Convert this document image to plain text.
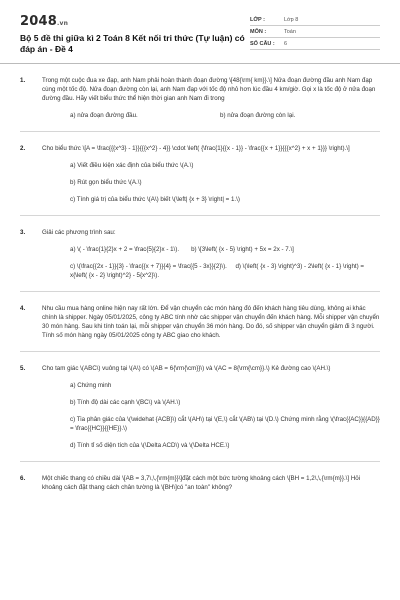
2048.vn
Bộ 5 đề thi giữa kì 2 Toán 8 Kết nối tri thức (Tự luận) có đáp án - Đề 4
LỚP :	Lớp 8
MÔN :	Toán
SỐ CÂU :	6
1.	Trong một cuộc đua xe đạp, anh Nam phải hoàn thành đoạn đường \[48{\rm{ km}}.\] Nửa đoạn đường đầu anh Nam đạp cùng một tốc độ. Nửa đoạn đường còn lại, anh Nam đạp với tốc độ nhỏ hơn lúc đầu 4 km/giờ. Gọi x là tốc độ ở nửa đoạn đường đầu. Hãy viết biểu thức thể hiện thời gian anh Nam đi trong
a) nửa đoạn đường đầu.	b) nửa đoạn đường còn lại.
2.	Cho biểu thức \[A = \frac{{{x^3} - 1}}{{{x^2} - 4}} \cdot \left( {\frac{1}{{x - 1}} - \frac{{x + 1}}{{{x^2} + x + 1}}} \right).\]
a) Viết điều kiện xác định của biểu thức \(A.\)
b) Rút gọn biểu thức \(A.\)
c) Tính giá trị của biểu thức \(A\) biết \(\left| {x + 3} \right| = 1.\)
3.	Giải các phương trình sau:
a) \( - \frac{1}{2}x + 2 = \frac{5}{2}x - 1\).       b) \[3\left( {x - 5} \right) + 5x = 2x - 7.\]
c) \(\frac{{2x - 1}}{3} - \frac{{x + 7}}{4} = \frac{{5 - 3x}}{2}\).     d) \(\left( {x - 3} \right)^3) - 2\left( {x - 1} \right) = x{\left( {x - 2} \right)^2} - 5{x^2}\).
4.	Nhu cầu mua hàng online hiện nay rất lớn. Để vận chuyển các món hàng đó đến khách hàng tiêu dùng, không ai khác chính là shipper. Ngày 05/01/2025, công ty ABC tính nhờ các shipper vận chuyển đến khách hàng. Mỗi shipper vận chuyển 30 món hàng. Sau khi tính toán lại, mỗi shipper vận chuyển 36 món hàng. Do đó, số shipper vận chuyển giảm đi 3 người. Tính số món hàng ngày 05/01/2025 công ty ABC giao cho khách.
5.	Cho tam giác \(ABC\) vuông tại \(A\) có \(AB = 6{\rm{\cm}}\) và \(AC = 8{\rm{\cm}}.\) Kẻ đường cao \(AH.\)
a) Chứng minh
b) Tính độ dài các cạnh \(BC\) và \(AH.\)
c) Tia phân giác của \(\widehat {ACB}\) cắt \(AH\) tại \(E,\) cắt \(AB\) tại \(D.\) Chứng minh rằng \(\frac{{AC}}{{AD}} = \frac{{HC}}{{HE}}.\)
d) Tính tỉ số diện tích của \(\Delta ACD\) và \(\Delta HCE.\)
6.	Một chiếc thang có chiều dài \[AB = 3,7\,\,{\rm{m}}\]đặt cách một bức tường khoảng cách \[BH = 1,2\,\,{\rm{m}}.\] Hỏi khoảng cách đặt thang cách chân tường là \[BH\]có "an toàn" không?
